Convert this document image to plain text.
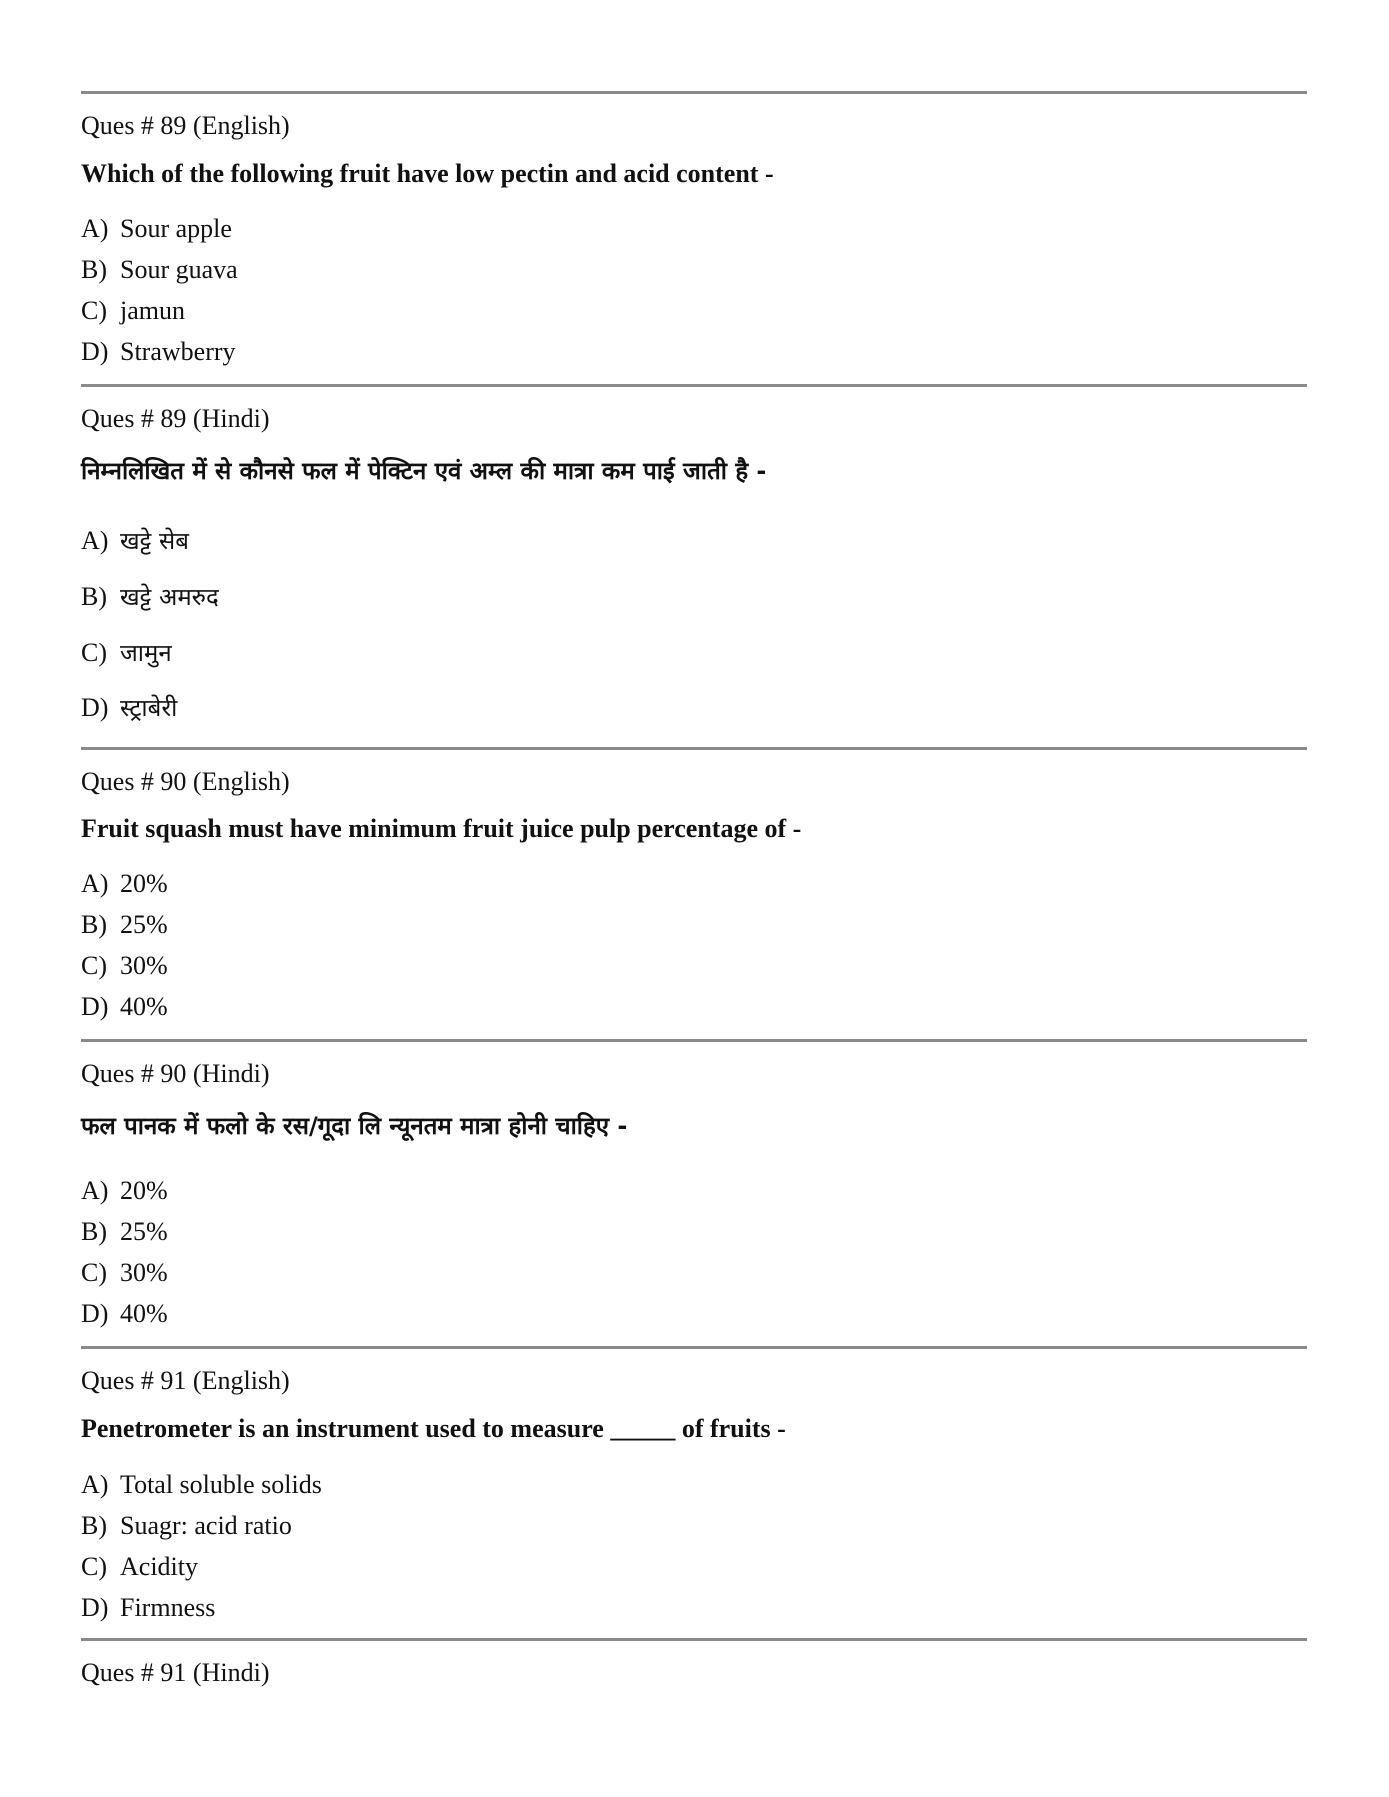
Ques # 89 (English)
Which of the following fruit have low pectin and acid content -
A) Sour apple
B) Sour guava
C) jamun
D) Strawberry
Ques # 89 (Hindi)
निम्नलिखित में से कौनसे फल में पेक्टिन एवं अम्ल की मात्रा कम पाई जाती है -
A) खट्टे सेब
B) खट्टे अमरुद
C) जामुन
D) स्ट्राबेरी
Ques # 90 (English)
Fruit squash must have minimum fruit juice pulp percentage of -
A) 20%
B) 25%
C) 30%
D) 40%
Ques # 90 (Hindi)
फल पानक में फलो के रस/गूदा लि न्यूनतम मात्रा होनी चाहिए -
A) 20%
B) 25%
C) 30%
D) 40%
Ques # 91 (English)
Penetrometer is an instrument used to measure _____ of fruits -
A) Total soluble solids
B) Suagr: acid ratio
C) Acidity
D) Firmness
Ques # 91 (Hindi)
